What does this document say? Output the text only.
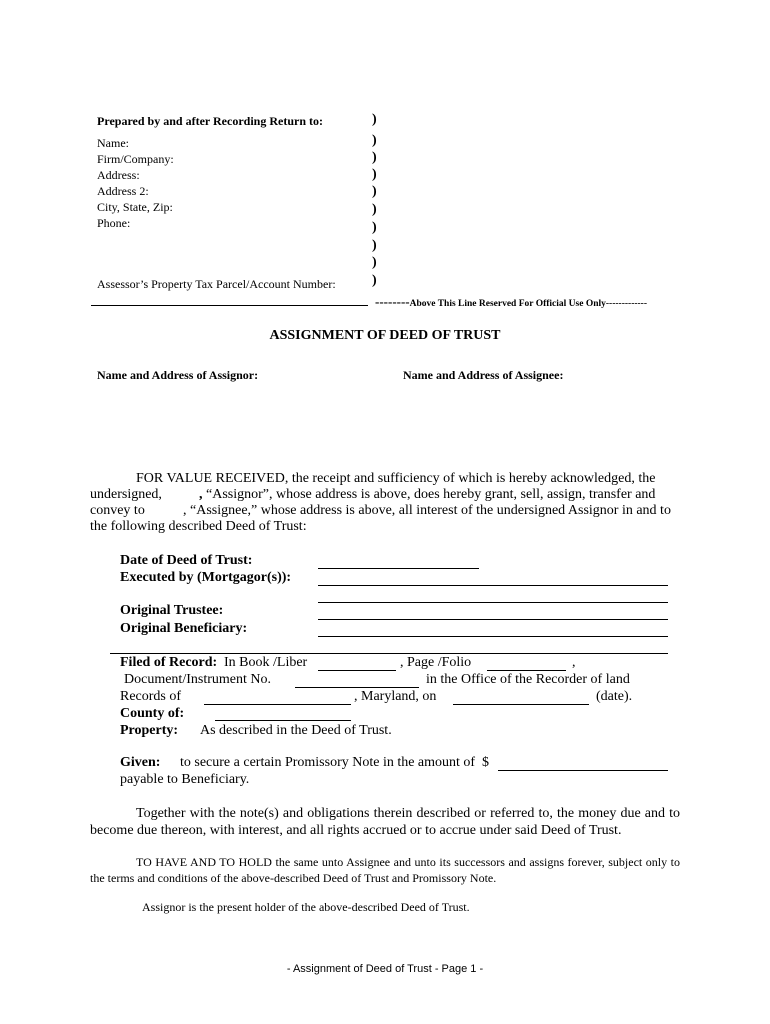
Prepared by and after Recording Return to:
Name:
Firm/Company:
Address:
Address 2:
City, State, Zip:
Phone:
Assessor’s Property Tax Parcel/Account Number:
)
)
)
)
)
)
)
)
)
)
--------Above This Line Reserved For Official Use Only-------------
ASSIGNMENT OF DEED OF TRUST
Name and Address of Assignor:	Name and Address of Assignee:
FOR VALUE RECEIVED, the receipt and sufficiency of which is hereby acknowledged, the
undersigned,	, “Assignor”, whose address is above, does hereby grant, sell, assign, transfer and
convey to	, “Assignee,” whose address is above, all interest of the undersigned Assignor in and to
the following described Deed of Trust:
Date of Deed of Trust:
Executed by (Mortgagor(s)):
Original Trustee:
Original Beneficiary:
Filed of Record: In Book /Liber	, Page /Folio	,
Document/Instrument No.	in the Office of the Recorder of land
Records of	, Maryland, on	(date).
County of:
Property: As described in the Deed of Trust.
Given: to secure a certain Promissory Note in the amount of $
payable to Beneficiary.
Together with the note(s) and obligations therein described or referred to, the money due and to become due thereon, with interest, and all rights accrued or to accrue under said Deed of Trust.
TO HAVE AND TO HOLD the same unto Assignee and unto its successors and assigns forever, subject only to the terms and conditions of the above-described Deed of Trust and Promissory Note.
Assignor is the present holder of the above-described Deed of Trust.
- Assignment of Deed of Trust - Page 1 -
